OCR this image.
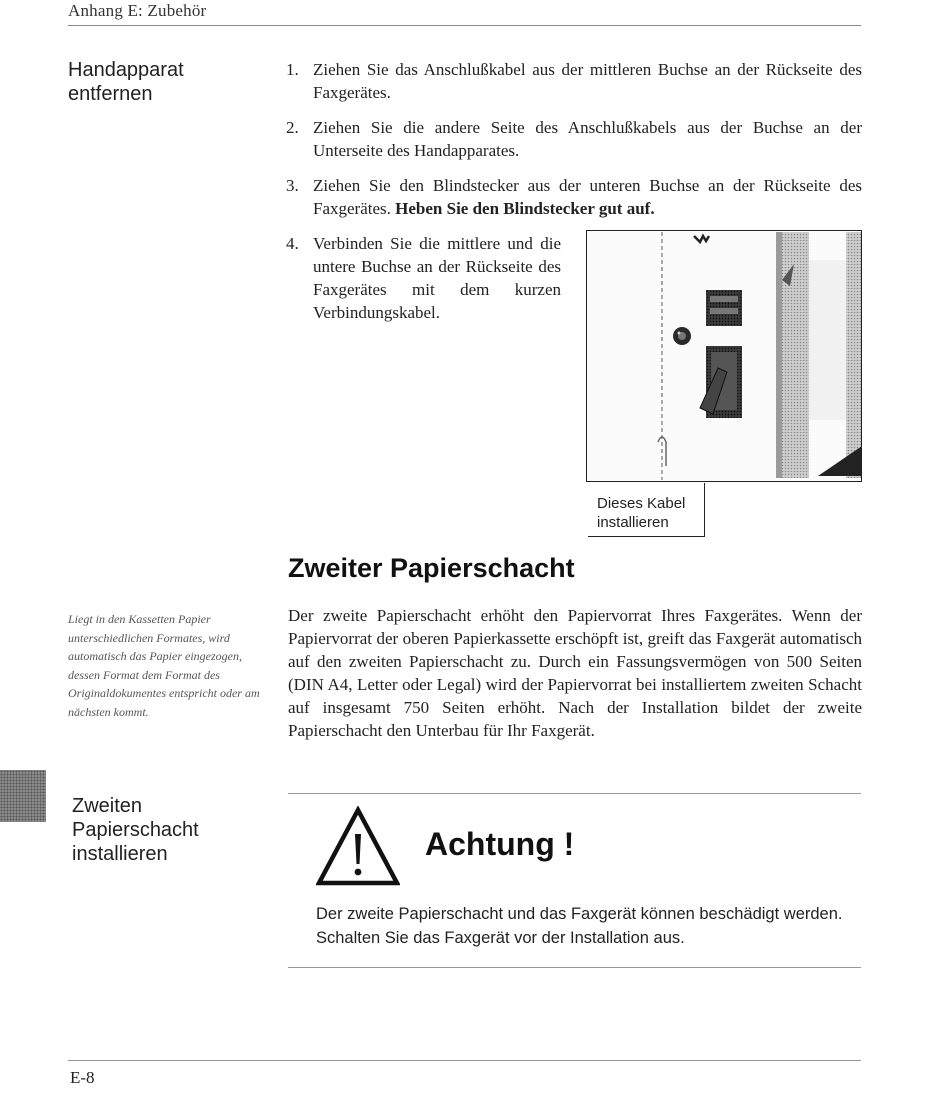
Anhang E: Zubehör
Handapparat
entfernen
1. Ziehen Sie das Anschlußkabel aus der mittleren Buchse an der Rückseite des Faxgerätes.
2. Ziehen Sie die andere Seite des Anschlußkabels aus der Buchse an der Unterseite des Handapparates.
3. Ziehen Sie den Blindstecker aus der unteren Buchse an der Rückseite des Faxgerätes. Heben Sie den Blindstecker gut auf.
4. Verbinden Sie die mittlere und die untere Buchse an der Rückseite des Faxgerätes mit dem kurzen Verbindungskabel.
Dieses Kabel
installieren
Zweiter Papierschacht

Liegt in den Kassetten Papier unterschiedlichen Formates, wird automatisch das Papier eingezogen, dessen Format dem Format des Originaldokumentes entspricht oder am nächsten kommt.

Der zweite Papierschacht erhöht den Papiervorrat Ihres Faxgerätes. Wenn der Papiervorrat der oberen Papierkassette erschöpft ist, greift das Faxgerät automatisch auf den zweiten Papierschacht zu. Durch ein Fassungsvermögen von 500 Seiten (DIN A4, Letter oder Legal) wird der Papiervorrat bei installiertem zweiten Schacht auf insgesamt 750 Seiten erhöht. Nach der Installation bildet der zweite Papierschacht den Unterbau für Ihr Faxgerät.

Zweiten
Papierschacht
installieren	Achtung !

Der zweite Papierschacht und das Faxgerät können beschädigt werden. Schalten Sie das Faxgerät vor der Installation aus.

E-8
